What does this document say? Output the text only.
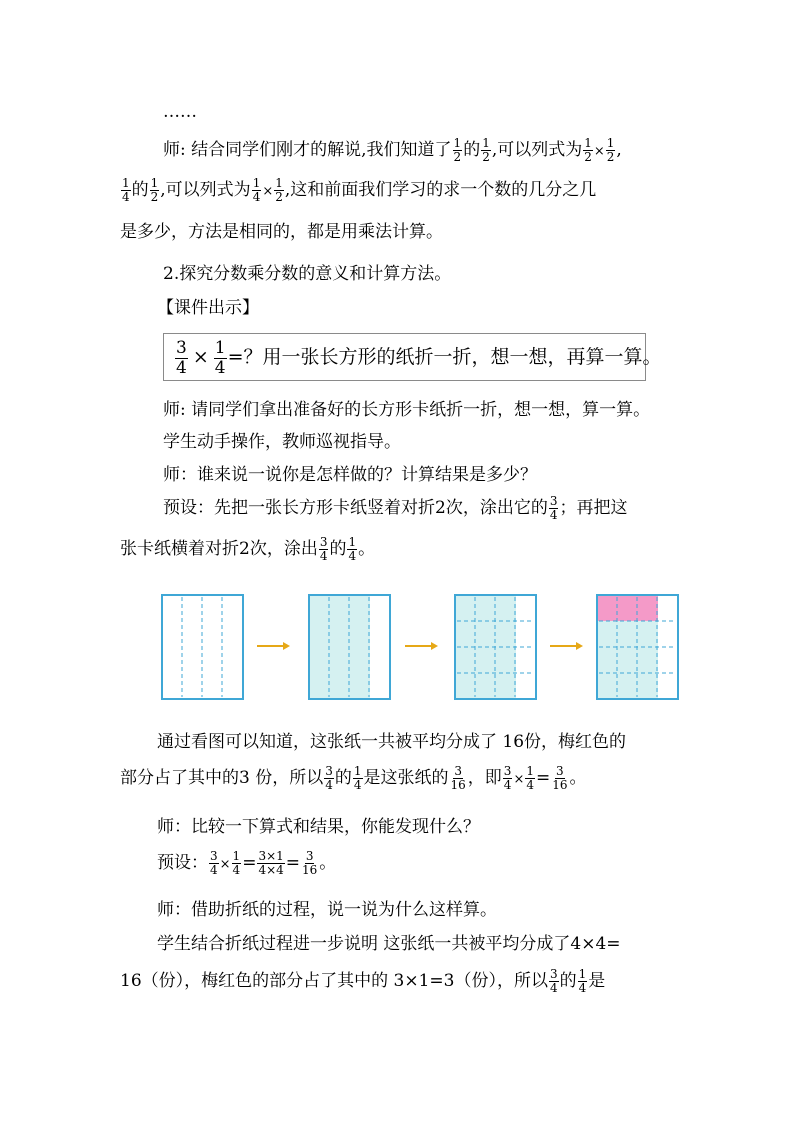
……
师: 结合同学们刚才的解说,我们知道了 $\frac{1}{2}$ 的 $\frac{1}{2}$ ,可以列式为 $\frac{1}{2} \times \frac{1}{2}$ ,
$\frac{1}{4}$ 的 $\frac{1}{2}$ ,可以列式为 $\frac{1}{4} \times \frac{1}{2}$ ,这和前面我们学习的求一个数的几分之几
是多少，方法是相同的，都是用乘法计算。
2.探究分数乘分数的意义和计算方法。
【课件出示】
$\frac{3}{4} \times \frac{1}{4}$ =？用一张长方形的纸折一折，想一想，再算一算。
师: 请同学们拿出准备好的长方形卡纸折一折，想一想，算一算。
学生动手操作，教师巡视指导。
师：谁来说一说你是怎样做的？计算结果是多少？
预设：先把一张长方形卡纸竖着对折2次，涂出它的 $\frac{3}{4}$ ；再把这
张卡纸横着对折2次，涂出 $\frac{3}{4}$ 的 $\frac{1}{4}$ 。
通过看图可以知道，这张纸一共被平均分成了 16份，梅红色的
部分占了其中的3 份，所以 $\frac{3}{4}$ 的 $\frac{1}{4}$ 是这张纸的 $\frac{3}{16}$ ，即 $\frac{3}{4} \times \frac{1}{4} = \frac{3}{16}$ 。
师：比较一下算式和结果，你能发现什么？
预设： $\frac{3}{4} \times \frac{1}{4} = \frac{3\times 1}{4\times 4} = \frac{3}{16}$ 。
师：借助折纸的过程，说一说为什么这样算。
学生结合折纸过程进一步说明 这张纸一共被平均分成了4×4=
16（份），梅红色的部分占了其中的 3×1=3（份），所以 $\frac{3}{4}$ 的 $\frac{1}{4}$ 是
